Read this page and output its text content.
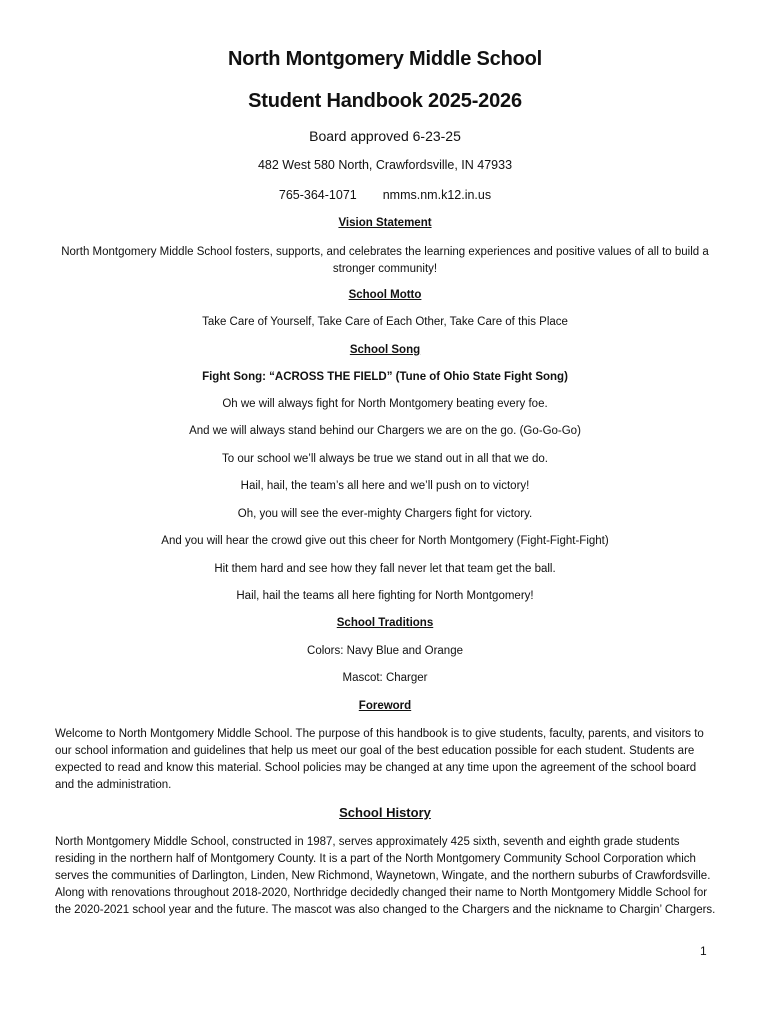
North Montgomery Middle School

Student Handbook 2025-2026

Board approved 6-23-25

482 West 580 North, Crawfordsville, IN 47933

765-364-1071 nmms.nm.k12.in.us

Vision Statement

North Montgomery Middle School fosters, supports, and celebrates the learning experiences and positive values of all to build a stronger community!

School Motto

Take Care of Yourself, Take Care of Each Other, Take Care of this Place

School Song

Fight Song: “ACROSS THE FIELD” (Tune of Ohio State Fight Song)

Oh we will always fight for North Montgomery beating every foe.

And we will always stand behind our Chargers we are on the go. (Go-Go-Go)

To our school we’ll always be true we stand out in all that we do.

Hail, hail, the team’s all here and we’ll push on to victory!

Oh, you will see the ever-mighty Chargers fight for victory.

And you will hear the crowd give out this cheer for North Montgomery (Fight-Fight-Fight)

Hit them hard and see how they fall never let that team get the ball.

Hail, hail the teams all here fighting for North Montgomery!

School Traditions

Colors: Navy Blue and Orange

Mascot: Charger

Foreword

Welcome to North Montgomery Middle School. The purpose of this handbook is to give students, faculty, parents, and visitors to our school information and guidelines that help us meet our goal of the best education possible for each student. Students are expected to read and know this material. School policies may be changed at any time upon the agreement of the school board and the administration.

School History

North Montgomery Middle School, constructed in 1987, serves approximately 425 sixth, seventh and eighth grade students residing in the northern half of Montgomery County. It is a part of the North Montgomery Community School Corporation which serves the communities of Darlington, Linden, New Richmond, Waynetown, Wingate, and the northern suburbs of Crawfordsville. Along with renovations throughout 2018-2020, Northridge decidedly changed their name to North Montgomery Middle School for the 2020-2021 school year and the future. The mascot was also changed to the Chargers and the nickname to Chargin’ Chargers.

1
